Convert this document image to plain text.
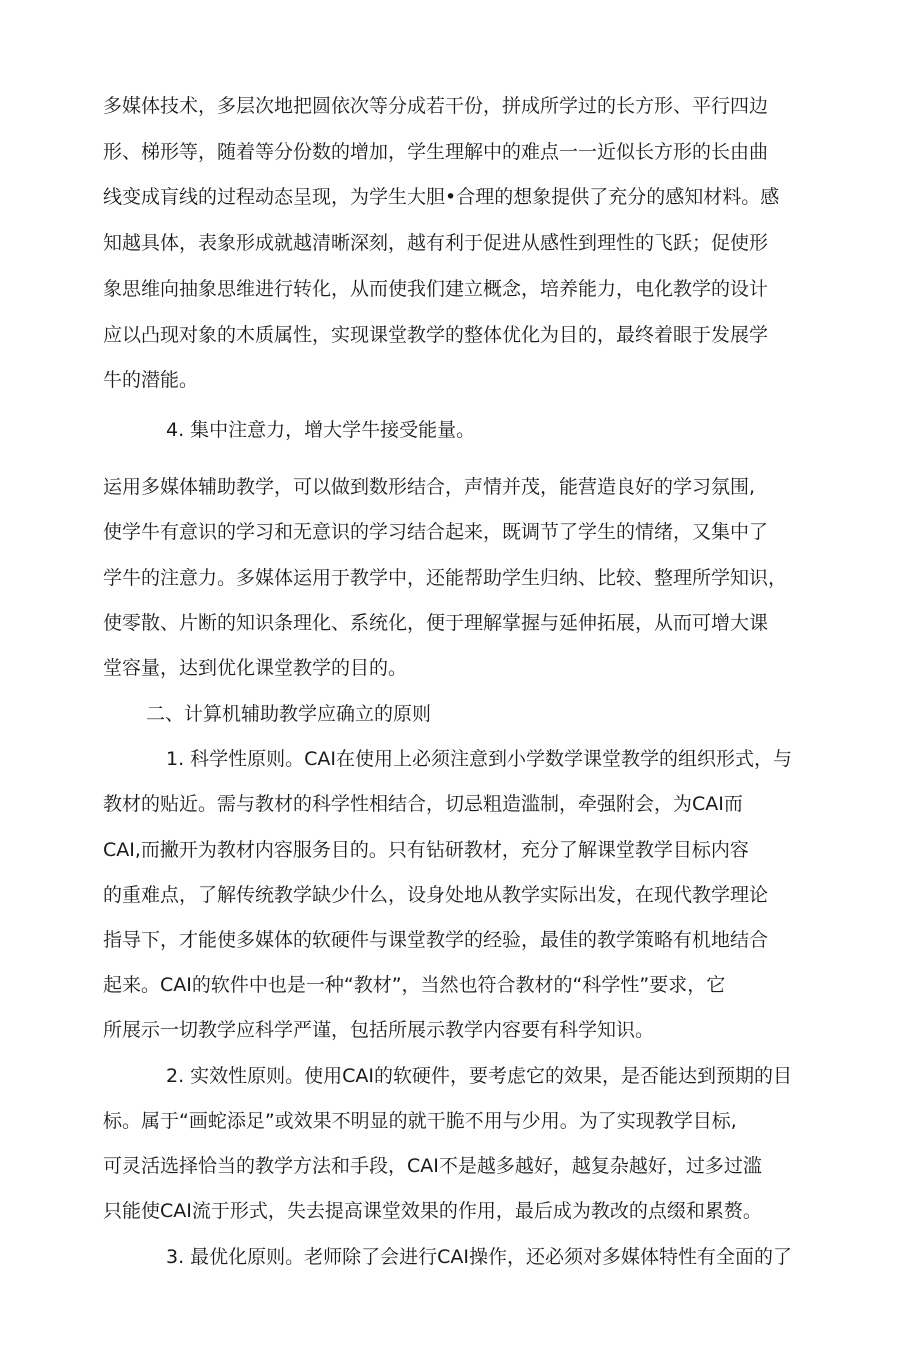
多媒体技术，多层次地把圆依次等分成若干份，拼成所学过的长方形、平行四边
形、梯形等，随着等分份数的增加，学生理解中的难点一一近似长方形的长由曲
线变成肓线的过程动态呈现，为学生大胆•合理的想象提供了充分的感知材料。感
知越具体，表象形成就越清晰深刻，越有利于促进从感性到理性的飞跃；促使形
象思维向抽象思维进行转化，从而使我们建立概念，培养能力，电化教学的设计
应以凸现对象的木质属性，实现课堂教学的整体优化为目的，最终着眼于发展学
牛的潜能。
4. 集中注意力，增大学牛接受能量。
运用多媒体辅助教学，可以做到数形结合，声情并茂，能营造良好的学习氛围,
使学牛有意识的学习和无意识的学习结合起来，既调节了学生的情绪，又集中了
学牛的注意力。多媒体运用于教学中，还能帮助学生归纳、比较、整理所学知识，
使零散、片断的知识条理化、系统化，便于理解掌握与延伸拓展，从而可增大课
堂容量，达到优化课堂教学的目的。
二、计算机辅助教学应确立的原则
1. 科学性原则。CAI在使用上必须注意到小学数学课堂教学的组织形式，与
教材的贴近。需与教材的科学性相结合，切忌粗造滥制，牵强附会，为CAI而
CAI,而撇开为教材内容服务目的。只有钻研教材，充分了解课堂教学目标内容
的重难点，了解传统教学缺少什么，设身处地从教学实际出发，在现代教学理论
指导下，才能使多媒体的软硬件与课堂教学的经验，最佳的教学策略有机地结合
起来。CAI的软件中也是一种“教材”，当然也符合教材的“科学性”要求，它
所展示一切教学应科学严谨，包括所展示教学内容要有科学知识。
2. 实效性原则。使用CAI的软硬件，要考虑它的效果，是否能达到预期的目
标。属于“画蛇添足”或效果不明显的就干脆不用与少用。为了实现教学目标,
可灵活选择恰当的教学方法和手段，CAI不是越多越好，越复杂越好，过多过滥
只能使CAI流于形式，失去提高课堂效果的作用，最后成为教改的点缀和累赘。
3. 最优化原则。老师除了会进行CAI操作，还必须对多媒体特性有全面的了
